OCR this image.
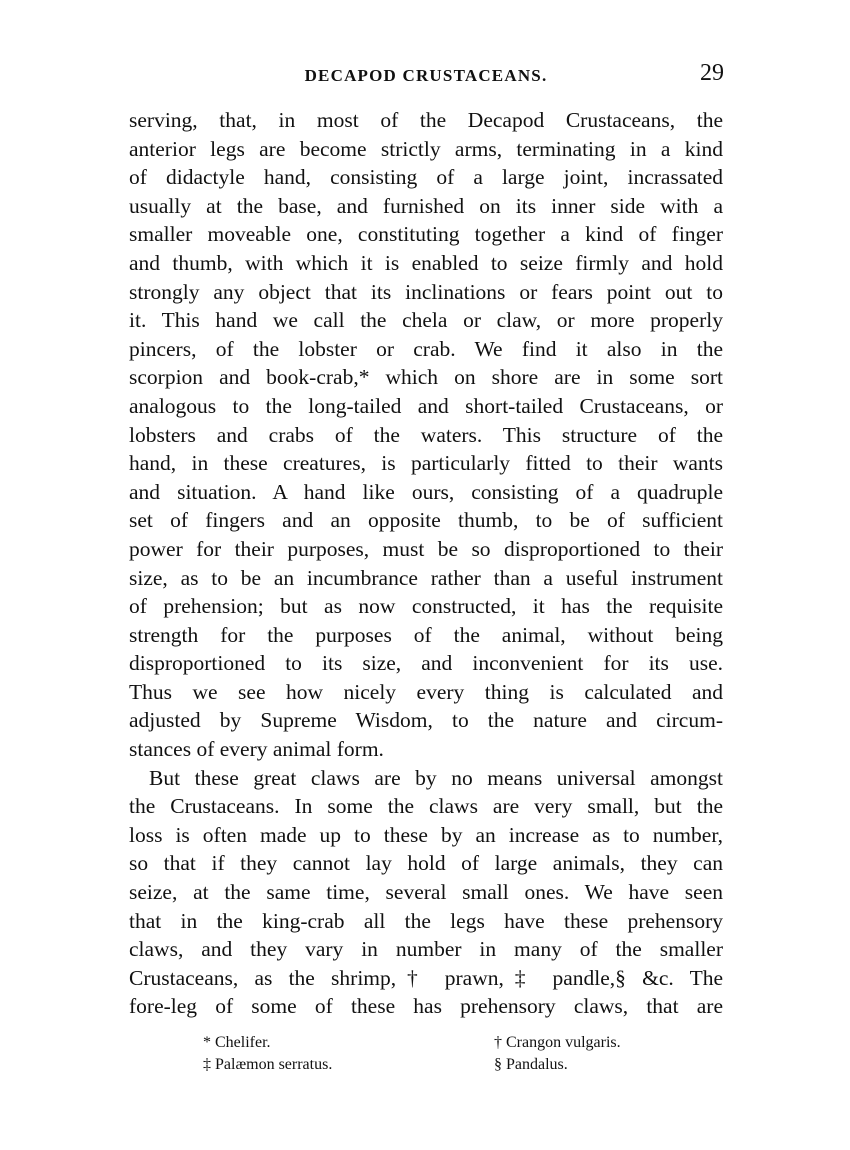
DECAPOD CRUSTACEANS.	29
serving, that, in most of the Decapod Crustaceans, the
anterior legs are become strictly arms, terminating in a kind
of didactyle hand, consisting of a large joint, incrassated
usually at the base, and furnished on its inner side with a
smaller moveable one, constituting together a kind of finger
and thumb, with which it is enabled to seize firmly and hold
strongly any object that its inclinations or fears point out to
it. This hand we call the chela or claw, or more properly
pincers, of the lobster or crab. We find it also in the
scorpion and book-crab,* which on shore are in some sort
analogous to the long-tailed and short-tailed Crustaceans, or
lobsters and crabs of the waters. This structure of the
hand, in these creatures, is particularly fitted to their wants
and situation. A hand like ours, consisting of a quadruple
set of fingers and an opposite thumb, to be of sufficient
power for their purposes, must be so disproportioned to their
size, as to be an incumbrance rather than a useful instrument
of prehension; but as now constructed, it has the requisite
strength for the purposes of the animal, without being
disproportioned to its size, and inconvenient for its use.
Thus we see how nicely every thing is calculated and
adjusted by Supreme Wisdom, to the nature and circum-
stances of every animal form.
But these great claws are by no means universal amongst
the Crustaceans. In some the claws are very small, but the
loss is often made up to these by an increase as to number,
so that if they cannot lay hold of large animals, they can
seize, at the same time, several small ones. We have seen
that in the king-crab all the legs have these prehensory
claws, and they vary in number in many of the smaller
Crustaceans, as the shrimp,† prawn,‡ pandle,§ &c. The
fore-leg of some of these has prehensory claws, that are
* Chelifer.	† Crangon vulgaris.
‡ Palæmon serratus.	§ Pandalus.
